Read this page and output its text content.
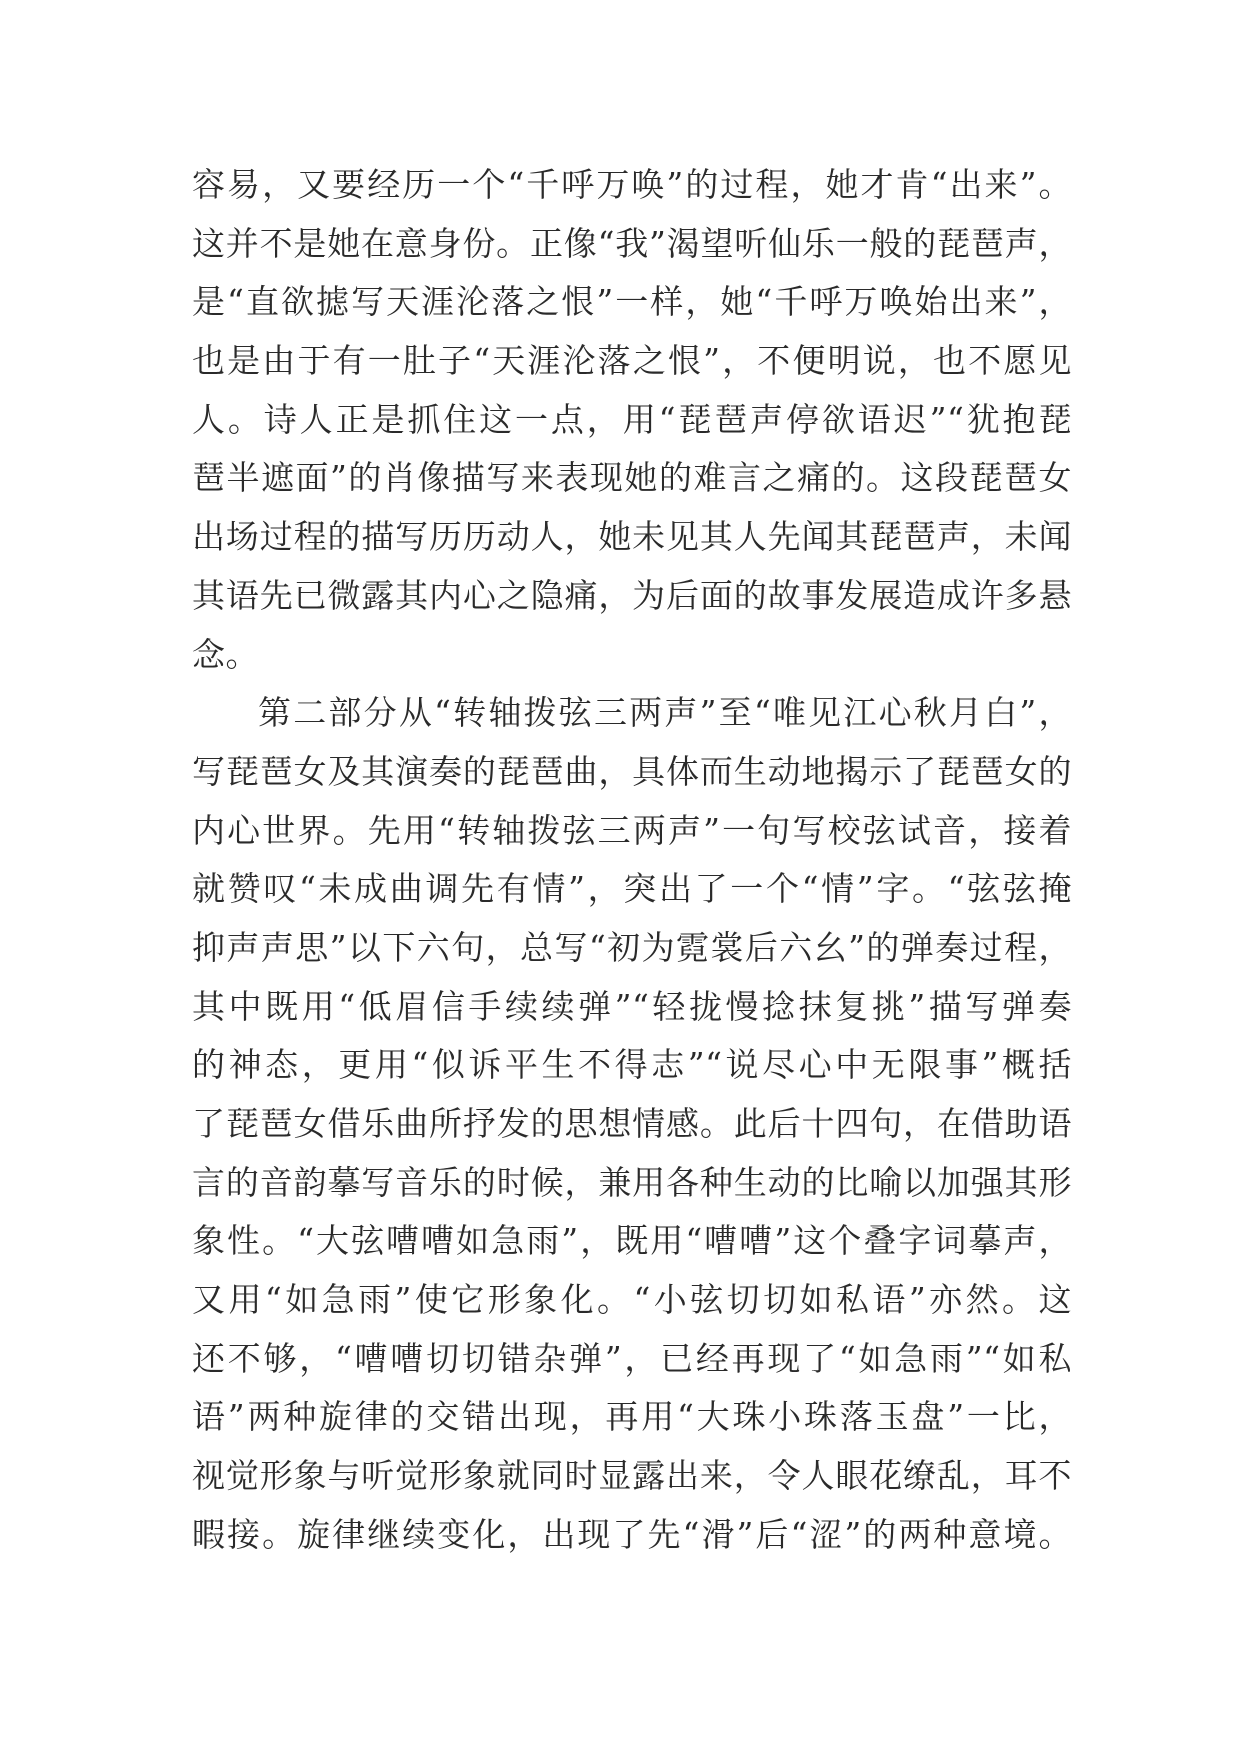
容易，又要经历一个“千呼万唤”的过程，她才肯“出来”。
这并不是她在意身份。正像“我”渴望听仙乐一般的琵琶声，
是“直欲摅写天涯沦落之恨”一样，她“千呼万唤始出来”，
也是由于有一肚子“天涯沦落之恨”，不便明说，也不愿见
人。诗人正是抓住这一点，用“琵琶声停欲语迟”“犹抱琵
琶半遮面”的肖像描写来表现她的难言之痛的。这段琵琶女
出场过程的描写历历动人，她未见其人先闻其琵琶声，未闻
其语先已微露其内心之隐痛，为后面的故事发展造成许多悬
念。
第二部分从“转轴拨弦三两声”至“唯见江心秋月白”，
写琵琶女及其演奏的琵琶曲，具体而生动地揭示了琵琶女的
内心世界。先用“转轴拨弦三两声”一句写校弦试音，接着
就赞叹“未成曲调先有情”，突出了一个“情”字。“弦弦掩
抑声声思”以下六句，总写“初为霓裳后六幺”的弹奏过程，
其中既用“低眉信手续续弹”“轻拢慢捻抹复挑”描写弹奏
的神态，更用“似诉平生不得志”“说尽心中无限事”概括
了琵琶女借乐曲所抒发的思想情感。此后十四句，在借助语
言的音韵摹写音乐的时候，兼用各种生动的比喻以加强其形
象性。“大弦嘈嘈如急雨”，既用“嘈嘈”这个叠字词摹声，
又用“如急雨”使它形象化。“小弦切切如私语”亦然。这
还不够，“嘈嘈切切错杂弹”，已经再现了“如急雨”“如私
语”两种旋律的交错出现，再用“大珠小珠落玉盘”一比，
视觉形象与听觉形象就同时显露出来，令人眼花缭乱，耳不
暇接。旋律继续变化，出现了先“滑”后“涩”的两种意境。
